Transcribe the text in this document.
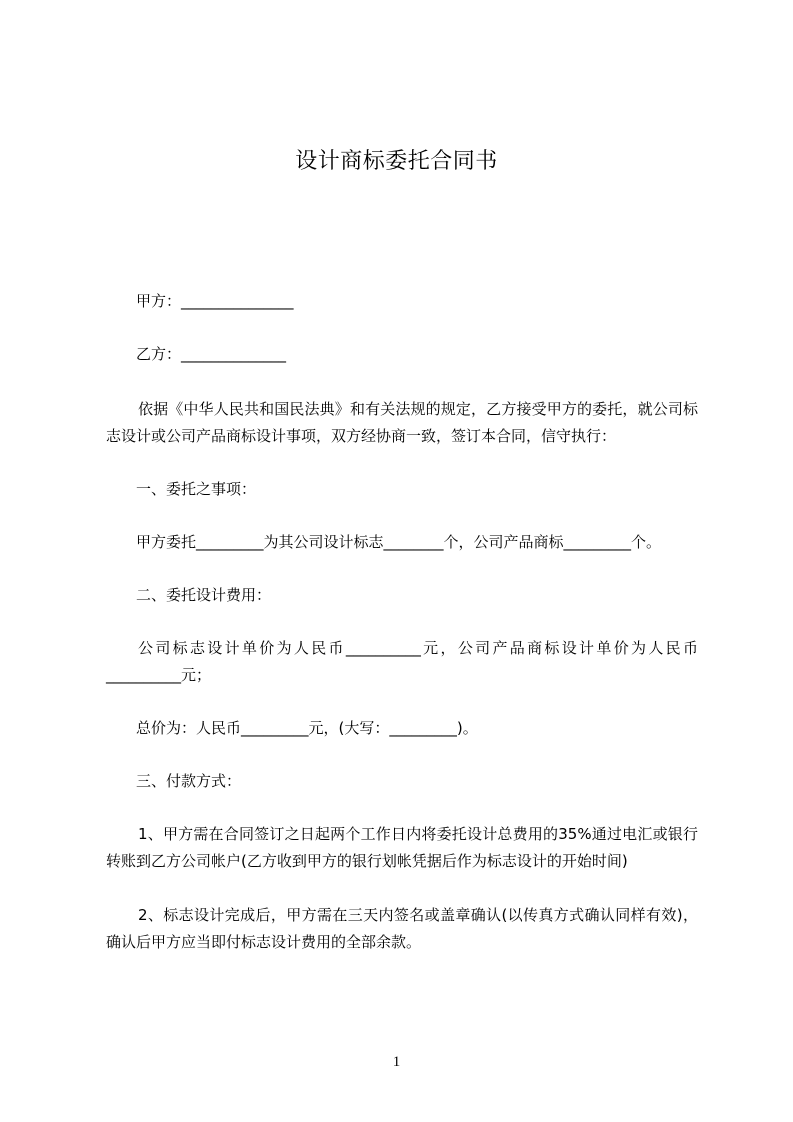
设计商标委托合同书
甲方：_______________
乙方：______________
依据《中华人民共和国民法典》和有关法规的规定，乙方接受甲方的委托，就公司标志设计或公司产品商标设计事项，双方经协商一致，签订本合同，信守执行：
一、委托之事项：
甲方委托_________为其公司设计标志________个，公司产品商标_________个。
二、委托设计费用：
公司标志设计单价为人民币__________元，公司产品商标设计单价为人民币__________元；
总价为：人民币_________元，(大写：_________)。
三、付款方式：
1、甲方需在合同签订之日起两个工作日内将委托设计总费用的35%通过电汇或银行转账到乙方公司帐户(乙方收到甲方的银行划帐凭据后作为标志设计的开始时间)
2、标志设计完成后，甲方需在三天内签名或盖章确认(以传真方式确认同样有效)，确认后甲方应当即付标志设计费用的全部余款。
1
